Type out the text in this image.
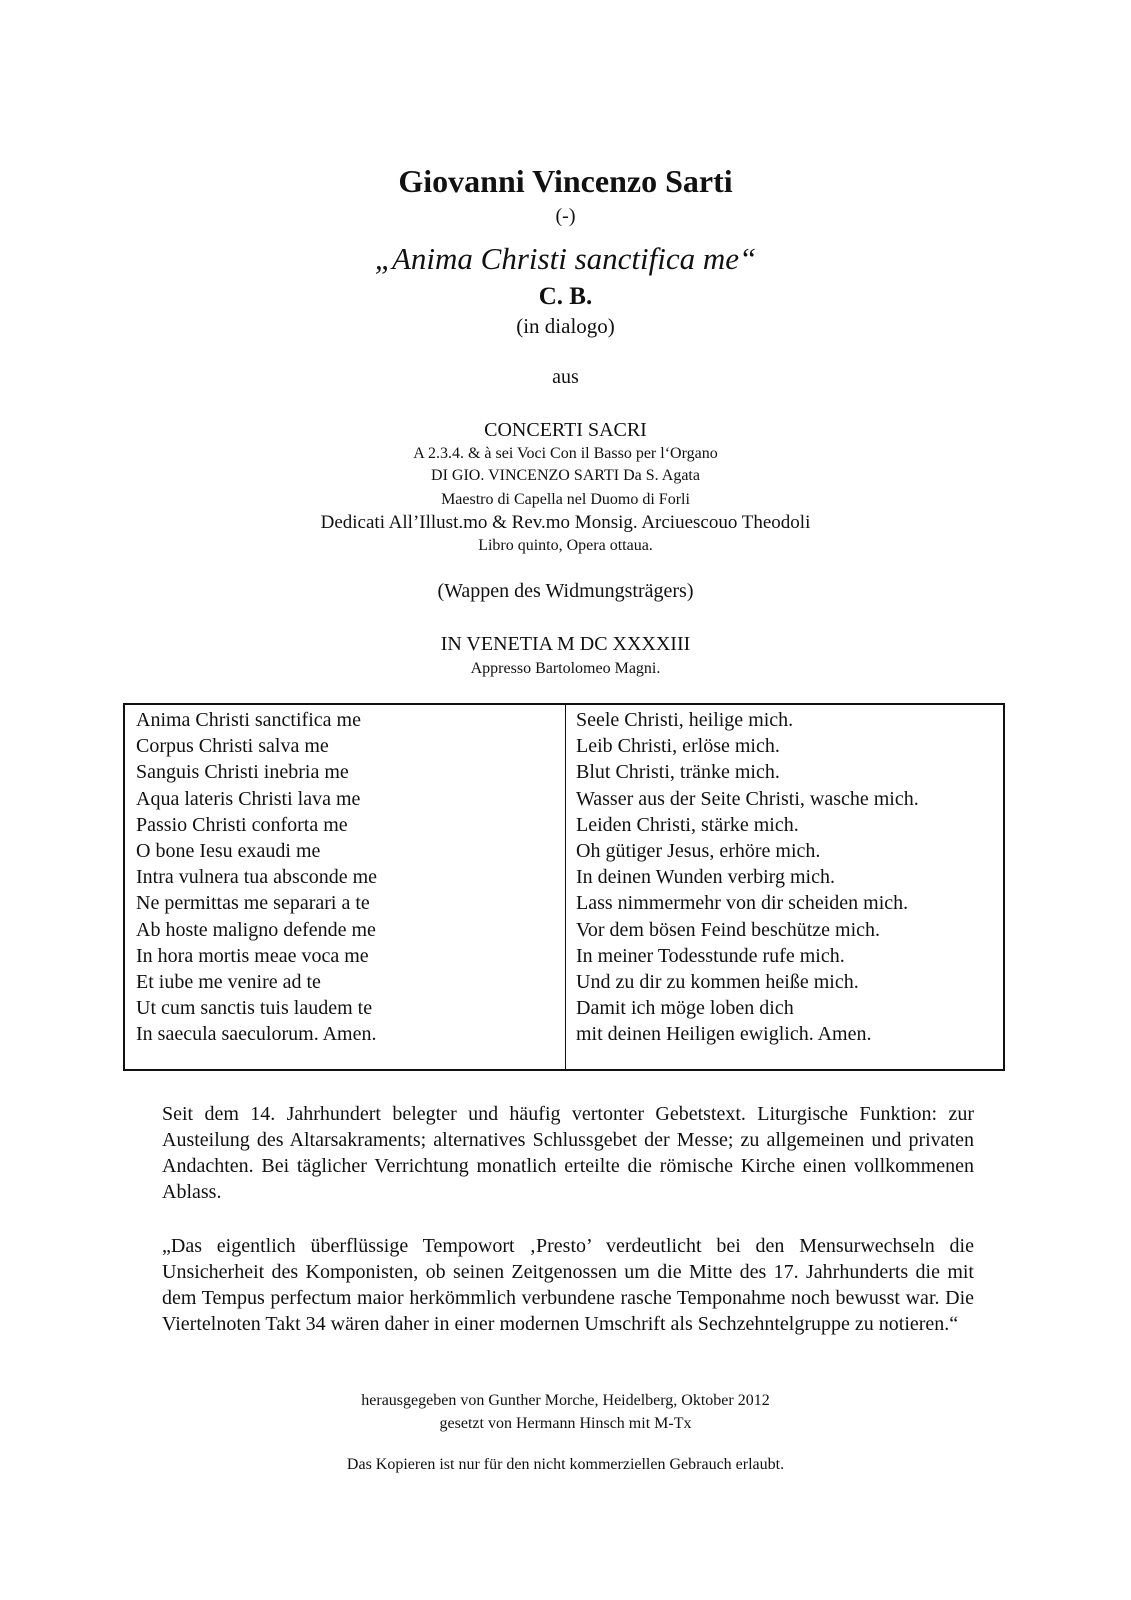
Giovanni Vincenzo Sarti
(-)
„Anima Christi sanctifica me“
C. B.
(in dialogo)
aus
CONCERTI SACRI
A 2.3.4. & à sei Voci Con il Basso per l‘Organo
DI GIO. VINCENZO SARTI Da S. Agata
Maestro di Capella nel Duomo di Forli
Dedicati All’Illust.mo & Rev.mo Monsig. Arciuescouo Theodoli
Libro quinto, Opera ottaua.
(Wappen des Widmungsträgers)
IN VENETIA M DC XXXXIII
Appresso Bartolomeo Magni.
Anima Christi sanctifica me
Corpus Christi salva me
Sanguis Christi inebria me
Aqua lateris Christi lava me
Passio Christi conforta me
O bone Iesu exaudi me
Intra vulnera tua absconde me
Ne permittas me separari a te
Ab hoste maligno defende me
In hora mortis meae voca me
Et iube me venire ad te
Ut cum sanctis tuis laudem te
In saecula saeculorum. Amen.
Seele Christi, heilige mich.
Leib Christi, erlöse mich.
Blut Christi, tränke mich.
Wasser aus der Seite Christi, wasche mich.
Leiden Christi, stärke mich.
Oh gütiger Jesus, erhöre mich.
In deinen Wunden verbirg mich.
Lass nimmermehr von dir scheiden mich.
Vor dem bösen Feind beschütze mich.
In meiner Todesstunde rufe mich.
Und zu dir zu kommen heiße mich.
Damit ich möge loben dich
mit deinen Heiligen ewiglich. Amen.
Seit dem 14. Jahrhundert belegter und häufig vertonter Gebetstext. Liturgische Funktion: zur Austeilung des Altarsakraments; alternatives Schlussgebet der Messe; zu allgemeinen und privaten Andachten. Bei täglicher Verrichtung monatlich erteilte die römische Kirche einen vollkommenen Ablass.
„Das eigentlich überflüssige Tempowort ‚Presto’ verdeutlicht bei den Mensurwechseln die Unsicherheit des Komponisten, ob seinen Zeitgenossen um die Mitte des 17. Jahrhunderts die mit dem Tempus perfectum maior herkömmlich verbundene rasche Temponahme noch bewusst war. Die Viertelnoten Takt 34 wären daher in einer modernen Umschrift als Sechzehntelgruppe zu notieren.“
herausgegeben von Gunther Morche, Heidelberg, Oktober 2012
gesetzt von Hermann Hinsch mit M-Tx
Das Kopieren ist nur für den nicht kommerziellen Gebrauch erlaubt.
